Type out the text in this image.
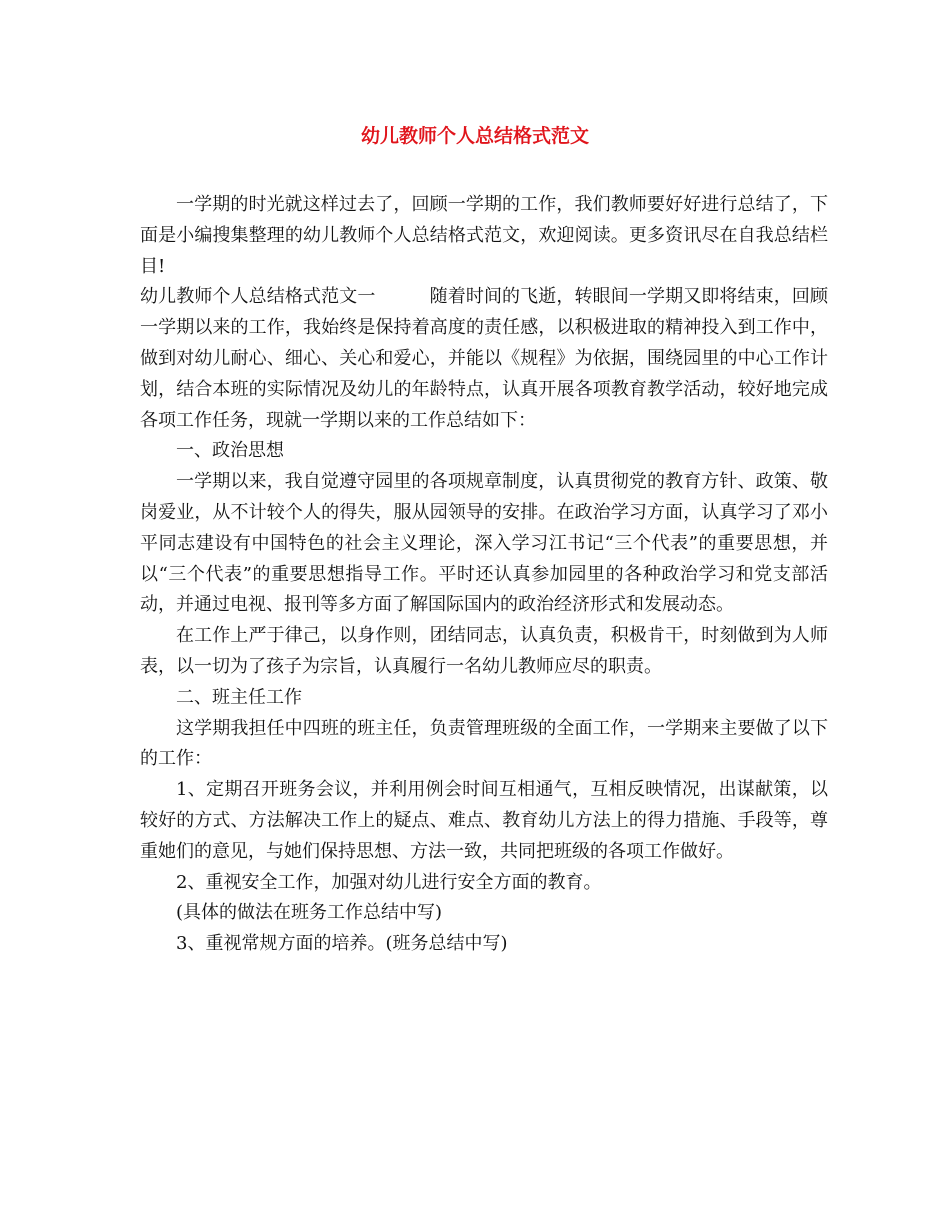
幼儿教师个人总结格式范文

一学期的时光就这样过去了，回顾一学期的工作，我们教师要好好进行总结了，下面是小编搜集整理的幼儿教师个人总结格式范文，欢迎阅读。更多资讯尽在自我总结栏目!

幼儿教师个人总结格式范文一	随着时间的飞逝，转眼间一学期又即将结束，回顾一学期以来的工作，我始终是保持着高度的责任感，以积极进取的精神投入到工作中，做到对幼儿耐心、细心、关心和爱心，并能以《规程》为依据，围绕园里的中心工作计划，结合本班的实际情况及幼儿的年龄特点，认真开展各项教育教学活动，较好地完成各项工作任务，现就一学期以来的工作总结如下：

一、政治思想

一学期以来，我自觉遵守园里的各项规章制度，认真贯彻党的教育方针、政策、敬岗爱业，从不计较个人的得失，服从园领导的安排。在政治学习方面，认真学习了邓小平同志建设有中国特色的社会主义理论，深入学习江书记“三个代表”的重要思想，并以“三个代表”的重要思想指导工作。平时还认真参加园里的各种政治学习和党支部活动，并通过电视、报刊等多方面了解国际国内的政治经济形式和发展动态。

在工作上严于律己，以身作则，团结同志，认真负责，积极肯干，时刻做到为人师表，以一切为了孩子为宗旨，认真履行一名幼儿教师应尽的职责。

二、班主任工作

这学期我担任中四班的班主任，负责管理班级的全面工作，一学期来主要做了以下的工作：

1、定期召开班务会议，并利用例会时间互相通气，互相反映情况，出谋献策，以较好的方式、方法解决工作上的疑点、难点、教育幼儿方法上的得力措施、手段等，尊重她们的意见，与她们保持思想、方法一致，共同把班级的各项工作做好。

2、重视安全工作，加强对幼儿进行安全方面的教育。

(具体的做法在班务工作总结中写)

3、重视常规方面的培养。(班务总结中写)
